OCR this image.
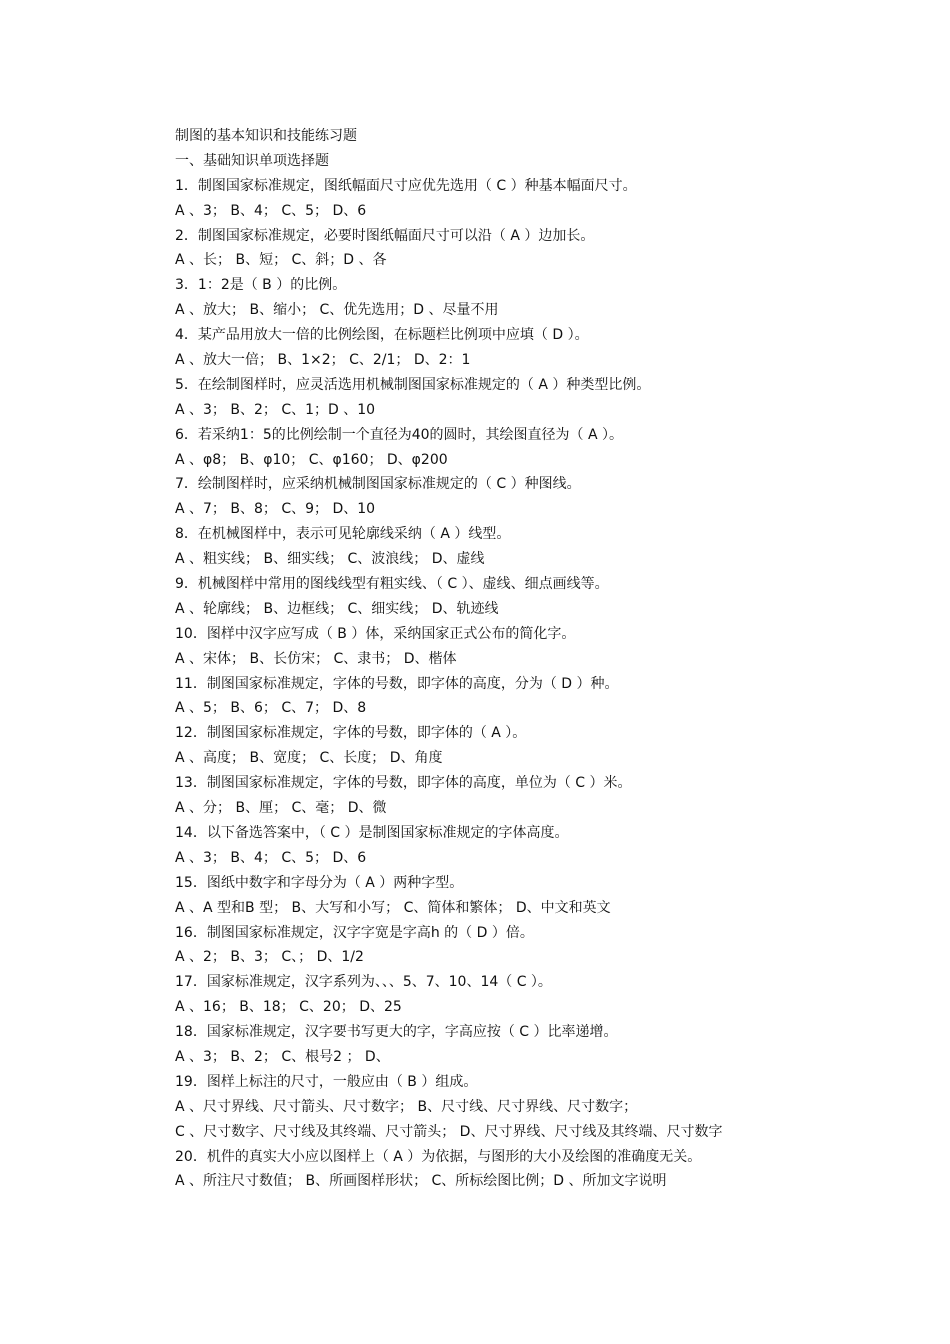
制图的基本知识和技能练习题
一、基础知识单项选择题
1．制图国家标准规定，图纸幅面尺寸应优先选用（ C ）种基本幅面尺寸。
A 、3； B、4； C、5； D、6
2．制图国家标准规定，必要时图纸幅面尺寸可以沿（ A ）边加长。
A 、长； B、短； C、斜；D 、各
3．1：2是（ B ）的比例。
A 、放大； B、缩小； C、优先选用；D 、尽量不用
4．某产品用放大一倍的比例绘图，在标题栏比例项中应填（ D ）。
A 、放大一倍； B、1×2； C、2/1； D、2：1
5．在绘制图样时，应灵活选用机械制图国家标准规定的（ A ）种类型比例。
A 、3； B、2； C、1；D 、10
6．若采纳1：5的比例绘制一个直径为40的圆时，其绘图直径为（ A ）。
A 、φ8； B、φ10； C、φ160； D、φ200
7．绘制图样时，应采纳机械制图国家标准规定的（ C ）种图线。
A 、7； B、8； C、9； D、10
8．在机械图样中，表示可见轮廓线采纳（ A ）线型。
A 、粗实线； B、细实线； C、波浪线； D、虚线
9．机械图样中常用的图线线型有粗实线、（ C ）、虚线、细点画线等。
A 、轮廓线； B、边框线； C、细实线； D、轨迹线
10．图样中汉字应写成（ B ）体，采纳国家正式公布的简化字。
A 、宋体； B、长仿宋； C、隶书； D、楷体
11．制图国家标准规定，字体的号数，即字体的高度，分为（ D ）种。
A 、5； B、6； C、7； D、8
12．制图国家标准规定，字体的号数，即字体的（ A ）。
A 、高度； B、宽度； C、长度； D、角度
13．制图国家标准规定，字体的号数，即字体的高度，单位为（ C ）米。
A 、分； B、厘； C、毫； D、微
14．以下备选答案中，（ C ）是制图国家标准规定的字体高度。
A 、3； B、4； C、5； D、6
15．图纸中数字和字母分为（ A ）两种字型。
A 、A 型和B 型； B、大写和小写； C、简体和繁体； D、中文和英文
16．制图国家标准规定，汉字字宽是字高h 的（ D ）倍。
A 、2； B、3； C、； D、1/2
17．国家标准规定，汉字系列为、、、5、7、10、14（ C ）。
A 、16； B、18； C、20； D、25
18．国家标准规定，汉字要书写更大的字，字高应按（ C ）比率递增。
A 、3； B、2； C、根号2 ； D、
19．图样上标注的尺寸，一般应由（ B ）组成。
A 、尺寸界线、尺寸箭头、尺寸数字； B、尺寸线、尺寸界线、尺寸数字；
C 、尺寸数字、尺寸线及其终端、尺寸箭头； D、尺寸界线、尺寸线及其终端、尺寸数字
20．机件的真实大小应以图样上（ A ）为依据，与图形的大小及绘图的准确度无关。
A 、所注尺寸数值； B、所画图样形状； C、所标绘图比例；D 、所加文字说明
